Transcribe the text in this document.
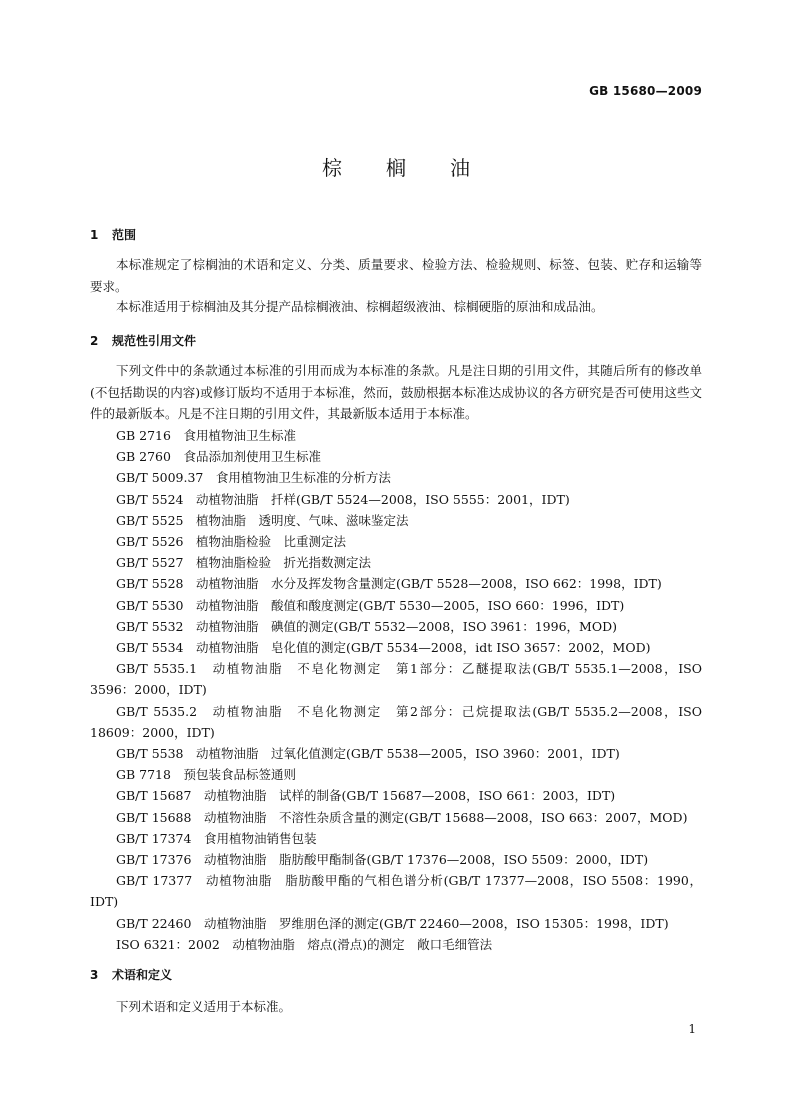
GB 15680—2009
棕榈油
1 范围

本标准规定了棕榈油的术语和定义、分类、质量要求、检验方法、检验规则、标签、包装、贮存和运输等要求。

本标准适用于棕榈油及其分提产品棕榈液油、棕榈超级液油、棕榈硬脂的原油和成品油。

2 规范性引用文件

下列文件中的条款通过本标准的引用而成为本标准的条款。凡是注日期的引用文件，其随后所有的修改单(不包括勘误的内容)或修订版均不适用于本标准，然而，鼓励根据本标准达成协议的各方研究是否可使用这些文件的最新版本。凡是不注日期的引用文件，其最新版本适用于本标准。

GB 2716　食用植物油卫生标准
GB 2760　食品添加剂使用卫生标准
GB/T 5009.37　食用植物油卫生标准的分析方法
GB/T 5524　动植物油脂　扦样(GB/T 5524—2008，ISO 5555：2001，IDT)
GB/T 5525　植物油脂　透明度、气味、滋味鉴定法
GB/T 5526　植物油脂检验　比重测定法
GB/T 5527　植物油脂检验　折光指数测定法
GB/T 5528　动植物油脂　水分及挥发物含量测定(GB/T 5528—2008，ISO 662：1998，IDT)
GB/T 5530　动植物油脂　酸值和酸度测定(GB/T 5530—2005，ISO 660：1996，IDT)
GB/T 5532　动植物油脂　碘值的测定(GB/T 5532—2008，ISO 3961：1996，MOD)
GB/T 5534　动植物油脂　皂化值的测定(GB/T 5534—2008，idt ISO 3657：2002，MOD)
GB/T 5535.1　动植物油脂　不皂化物测定　第1部分：乙醚提取法(GB/T 5535.1—2008，ISO 3596：2000，IDT)
GB/T 5535.2　动植物油脂　不皂化物测定　第2部分：己烷提取法(GB/T 5535.2—2008，ISO 18609：2000，IDT)
GB/T 5538　动植物油脂　过氧化值测定(GB/T 5538—2005，ISO 3960：2001，IDT)
GB 7718　预包装食品标签通则
GB/T 15687　动植物油脂　试样的制备(GB/T 15687—2008，ISO 661：2003，IDT)
GB/T 15688　动植物油脂　不溶性杂质含量的测定(GB/T 15688—2008，ISO 663：2007，MOD)
GB/T 17374　食用植物油销售包装
GB/T 17376　动植物油脂　脂肪酸甲酯制备(GB/T 17376—2008，ISO 5509：2000，IDT)
GB/T 17377　动植物油脂　脂肪酸甲酯的气相色谱分析(GB/T 17377—2008，ISO 5508：1990，IDT)
GB/T 22460　动植物油脂　罗维朋色泽的测定(GB/T 22460—2008，ISO 15305：1998，IDT)
ISO 6321：2002　动植物油脂　熔点(滑点)的测定　敞口毛细管法
3 术语和定义

下列术语和定义适用于本标准。

1
